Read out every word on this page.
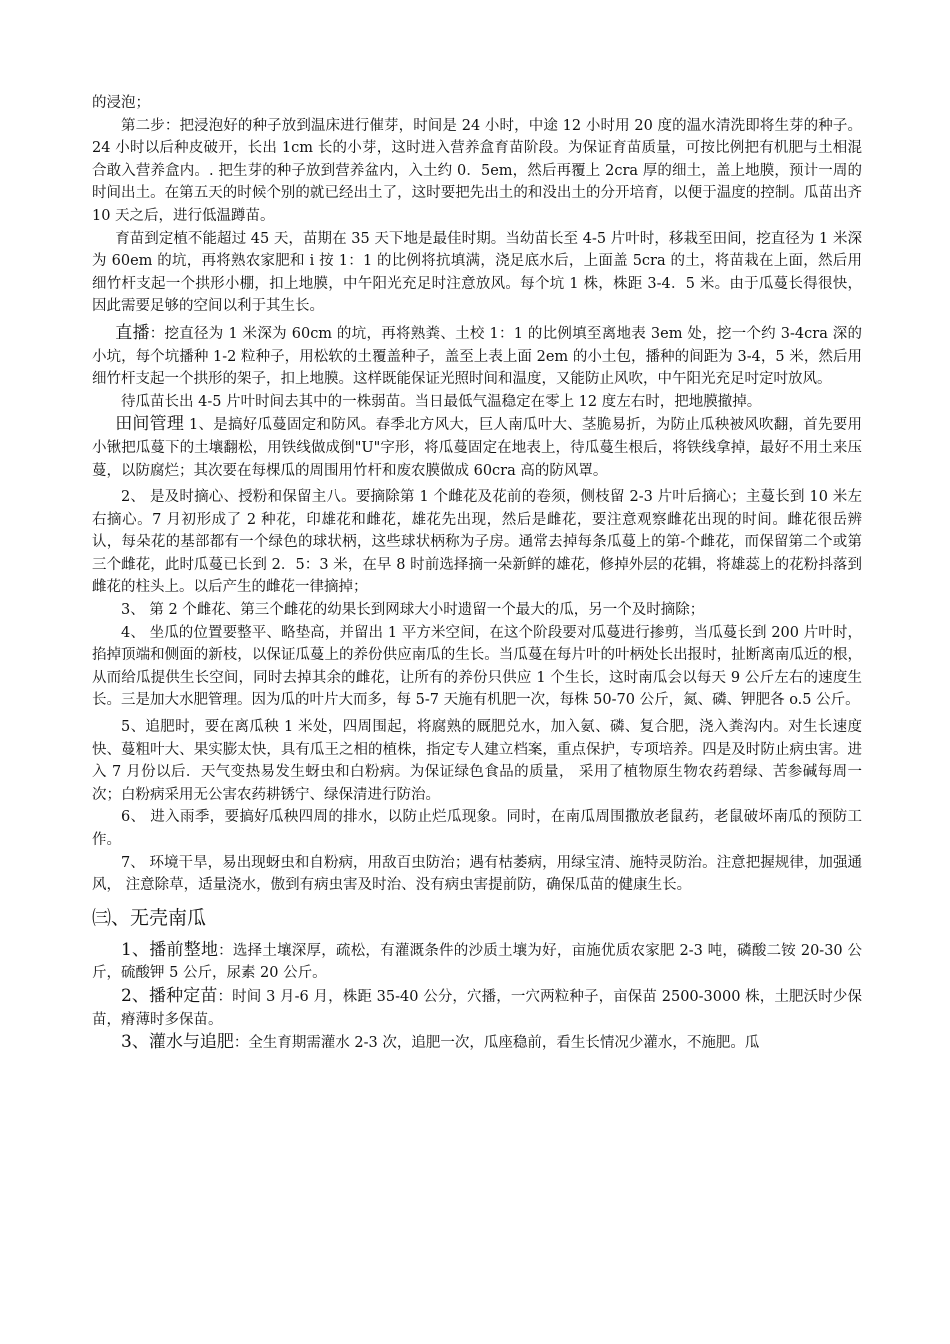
的浸泡；

第二步：把浸泡好的种子放到温床进行催芽，时间是 24 小时，中途 12 小时用 20 度的温水清洗即将生芽的种子。24 小时以后种皮破开，长出 1cm 长的小芽，这时进入营养盒育苗阶段。为保证育苗质量，可按比例把有机肥与土相混合敢入营养盒内。. 把生芽的种子放到营养盆内，入土约 0．5em，然后再覆上 2cra 厚的细土，盖上地膜，预计一周的时间出土。在第五天的时候个别的就已经出土了，这时要把先出土的和没出土的分开培育，以便于温度的控制。瓜苗出齐 10 天之后，进行低温蹲苗。

育苗到定植不能超过 45 天，苗期在 35 天下地是最佳时期。当幼苗长至 4-5 片叶时，移栽至田间，挖直径为 1 米深为 60em 的坑，再将熟农家肥和 i 按 1：1 的比例将抗填满，浇足底水后，上面盖 5cra 的土，将苗栽在上面，然后用细竹杆支起一个拱形小棚，扣上地膜，中午阳光充足时注意放风。每个坑 1 株，株距 3-4．5 米。由于瓜蔓长得很快，因此需要足够的空间以利于其生长。

直播：挖直径为 1 米深为 60cm 的坑，再将熟粪、土校 1：1 的比例填至离地表 3em 处，挖一个约 3-4cra 深的小坑，每个坑播种 1-2 粒种子，用松软的土覆盖种子，盖至上表上面 2em 的小土包，播种的间距为 3-4，5 米，然后用细竹杆支起一个拱形的架子，扣上地膜。这样既能保证光照时间和温度，又能防止风吹，中午阳光充足吋定吋放风。

待瓜苗长出 4-5 片叶时间去其中的一株弱苗。当日最低气温稳定在零上 12 度左右时，把地膜撤掉。

田间管理 1、是搞好瓜蔓固定和防风。春季北方风大，巨人南瓜叶大、茎脆易折，为防止瓜秧被风吹翻，首先要用小锹把瓜蔓下的土壤翻松，用铁线做成倒"U"字形，将瓜蔓固定在地表上，待瓜蔓生根后，将铁线拿掉，最好不用土来压蔓，以防腐烂；其次要在每棵瓜的周围用竹杆和废农膜做成 60cra 高的防风罩。

2、 是及时摘心、授粉和保留主八。要摘除第 1 个雌花及花前的卷须，侧枝留 2-3 片叶后摘心；主蔓长到 10 米左右摘心。7 月初形成了 2 种花，印雄花和雌花，雄花先出现，然后是雌花，要注意观察雌花出现的时间。雌花很岳辨认，每朵花的基部都有一个绿色的球状柄，这些球状柄称为子房。通常去掉每条瓜蔓上的第-个雌花，而保留第二个或第三个雌花，此时瓜蔓已长到 2．5：3 米，在早 8 时前选择摘一朵新鲜的雄花，修掉外层的花辑，将雄蕊上的花粉抖落到雌花的柱头上。以后产生的雌花一律摘掉；

3、 第 2 个雌花、第三个雌花的幼果长到网球大小时遗留一个最大的瓜，另一个及时摘除；

4、 坐瓜的位置要整平、略垫高，并留出 1 平方米空间，在这个阶段要对瓜蔓进行掺剪，当瓜蔓长到 200 片叶时，掐掉顶端和侧面的新枝，以保证瓜蔓上的养份供应南瓜的生长。当瓜蔓在每片叶的叶柄处长出报时，扯断离南瓜近的根，从而给瓜提供生长空间，同时去掉其余的雌花，让所有的养份只供应 1 个生长，这时南瓜会以每天 9 公斤左右的速度生长。三是加大水肥管理。因为瓜的叶片大而多，每 5-7 天施有机肥一次，每株 50-70 公斤，氮、磷、钾肥各 o.5 公斤。

5、追肥时，要在离瓜秧 1 米处，四周围起，将腐熟的厩肥兑水，加入氨、磷、复合肥，浇入粪沟内。对生长速度快、蔓粗叶大、果实膨太快，具有瓜王之相的植株，指定专人建立档案，重点保护，专项培养。四是及时防止病虫害。进入 7 月份以后．天气变热易发生蚜虫和白粉病。为保证绿色食品的质量， 采用了植物原生物农药碧绿、苦参碱每周一次；白粉病采用无公害农药耕锈宁、绿保清进行防治。

6、 进入雨季，要搞好瓜秧四周的排水，以防止烂瓜现象。同时，在南瓜周围撒放老鼠药，老鼠破坏南瓜的预防工作。

7、 环境干旱，易出现蚜虫和自粉病，用敌百虫防治；遇有枯萎病，用绿宝清、施特灵防治。注意把握规律，加强通风， 注意除草，适量浇水，傲到有病虫害及时治、没有病虫害提前防，确保瓜苗的健康生长。

㈢、无壳南瓜

1、播前整地：选择土壤深厚，疏松，有灌溉条件的沙质土壤为好，亩施优质农家肥 2-3 吨，磷酸二铵 20-30 公斤，硫酸钾 5 公斤，尿素 20 公斤。

2、播种定苗：时间 3 月-6 月，株距 35-40 公分，穴播，一穴两粒种子，亩保苗 2500-3000 株，土肥沃时少保苗，瘠薄时多保苗。

3、灌水与追肥：全生育期需灌水 2-3 次，追肥一次，瓜座稳前，看生长情况少灌水，不施肥。瓜
